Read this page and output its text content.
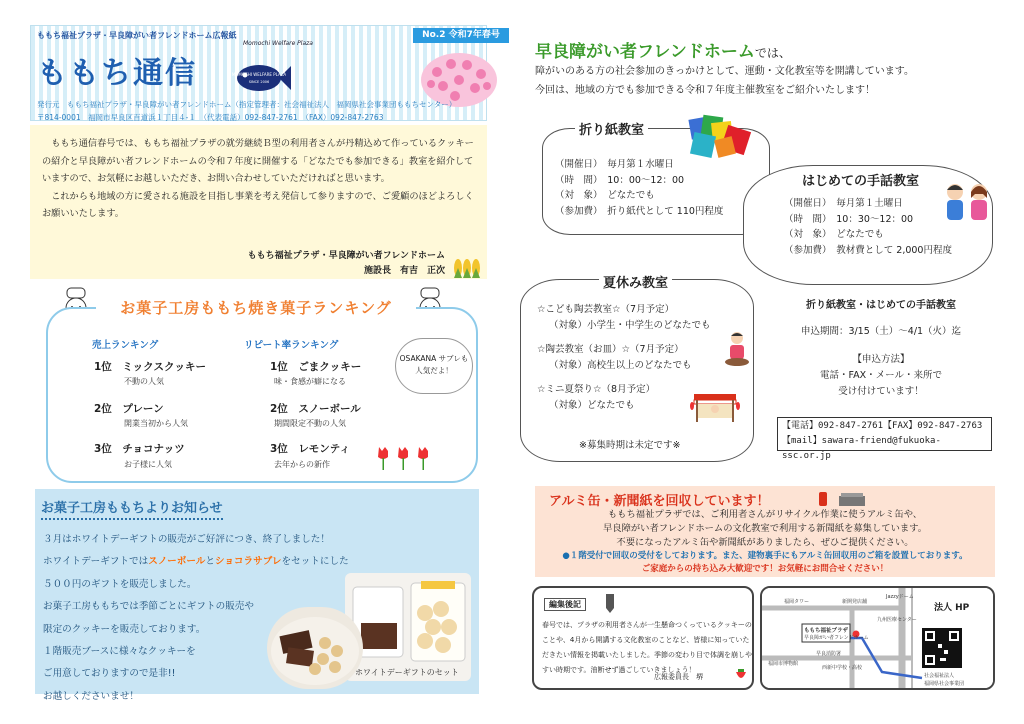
ももち福祉プラザ・早良障がい者フレンドホーム広報紙
ももち通信
Momochi Welfare Plaza
MOMOCHI WELFARE PLAZA
SINCE 2006
No.2 令和7年春号
発行元　ももち福祉プラザ・早良障がい者フレンドホーム（指定管理者：社会福祉法人　福岡県社会事業団ももちセンター）
〒814-0001　福岡市早良区百道浜１丁目４-１　（代表電話）092-847-2761　（FAX）092-847-2763

ももち通信春号では、ももち福祉プラザの就労継続Ｂ型の利用者さんが丹精込めて作っているクッキーの紹介と早良障がい者フレンドホームの令和７年度に開催する「どなたでも参加できる」教室を紹介していますので、お気軽にお越しいただき、お問い合わせしていただければと思います。

これからも地域の方に愛される施設を目指し事業を考え発信して参りますので、ご愛顧のほどよろしくお願いいたします。

ももち福祉プラザ・早良障がい者フレンドホーム
施設長　有吉　正次
売上ランキング	リピート率ランキング
1位　 ミックスクッキー
不動の人気
2位　 プレーン
開業当初から人気
3位　 チョコナッツ
お子様に人気
1位　 ごまクッキー
味・食感が癖になる
2位　 スノーボール
期間限定不動の人気
3位　 レモンティ
去年からの新作
お菓子工房ももち焼き菓子ランキング
OSAKANA サブレも人気だよ！
お菓子工房ももちよりお知らせ
３月はホワイトデーギフトの販売がご好評につき、終了しました！
ホワイトデーギフトではスノーボールとショコラサブレをセットにした
５００円のギフトを販売しました。
お菓子工房ももちでは季節ごとにギフトの販売や
限定のクッキーを販売しております。
１階販売ブースに様々なクッキーを
ご用意しておりますので是非!!
お越しくださいませ！
ホワイトデーギフトのセット
早良障がい者フレンドホームでは、
障がいのある方の社会参加のきっかけとして、運動・文化教室等を開講しています。
今回は、地域の方でも参加できる令和７年度主催教室をご紹介いたします！
折り紙教室
（開催日）　毎月第１水曜日
（時　間）　10：00～12：00
（対　象）　どなたでも
（参加費）　折り紙代として 110円程度
はじめての手話教室
（開催日）　毎月第１土曜日
（時　間）　10：30～12：00
（対　象）　どなたでも
（参加費）　教材費として 2,000円程度
夏休み教室
☆こども陶芸教室☆（7月予定）
（対象）小学生・中学生のどなたでも
☆陶芸教室（お皿）☆（7月予定）
（対象）高校生以上のどなたでも
☆ミニ夏祭り☆（8月予定）
（対象）どなたでも
※募集時期は未定です※
折り紙教室・はじめての手話教室
申込期間：3/15（土）～4/1（火）迄
【申込方法】
電話・FAX・メール・来所で
受け付けています！
【電話】092-847-2761【FAX】092-847-2763
【mail】sawara-friend@fukuoka-ssc.or.jp
アルミ缶・新聞紙を回収しています！
ももち福祉プラザでは、ご利用者さんがリサイクル作業に使うアルミ缶や、
早良障がい者フレンドホームの文化教室で利用する新聞紙を募集しています。
不要になったアルミ缶や新聞紙がありましたら、ぜひご提供ください。
●１階受付で回収の受付をしております。また、建物裏手にもアルミ缶回収用のご箱を設置しております。
ご家庭からの持ち込み大歓迎です！お気軽にお問合せください！
編集後記
春号では、プラザの利用者さんが一生懸命つくっているクッキーのことや、4月から開講する文化教室のことなど、皆様に知っていただきたい情報を掲載いたしました。季節の変わり目で体調を崩しやすい時期です。油断せず過ごしていきましょう！
広報委員長　堺
法人 HP
ももち福祉プラザ
早良障がい者フレンドホーム
福岡タワー	新開発店舗
Jazzyドーム
九州医療センター
早良消防署
西新中学校・高校
福岡市博物館
社会福祉法人
福岡県社会事業団
